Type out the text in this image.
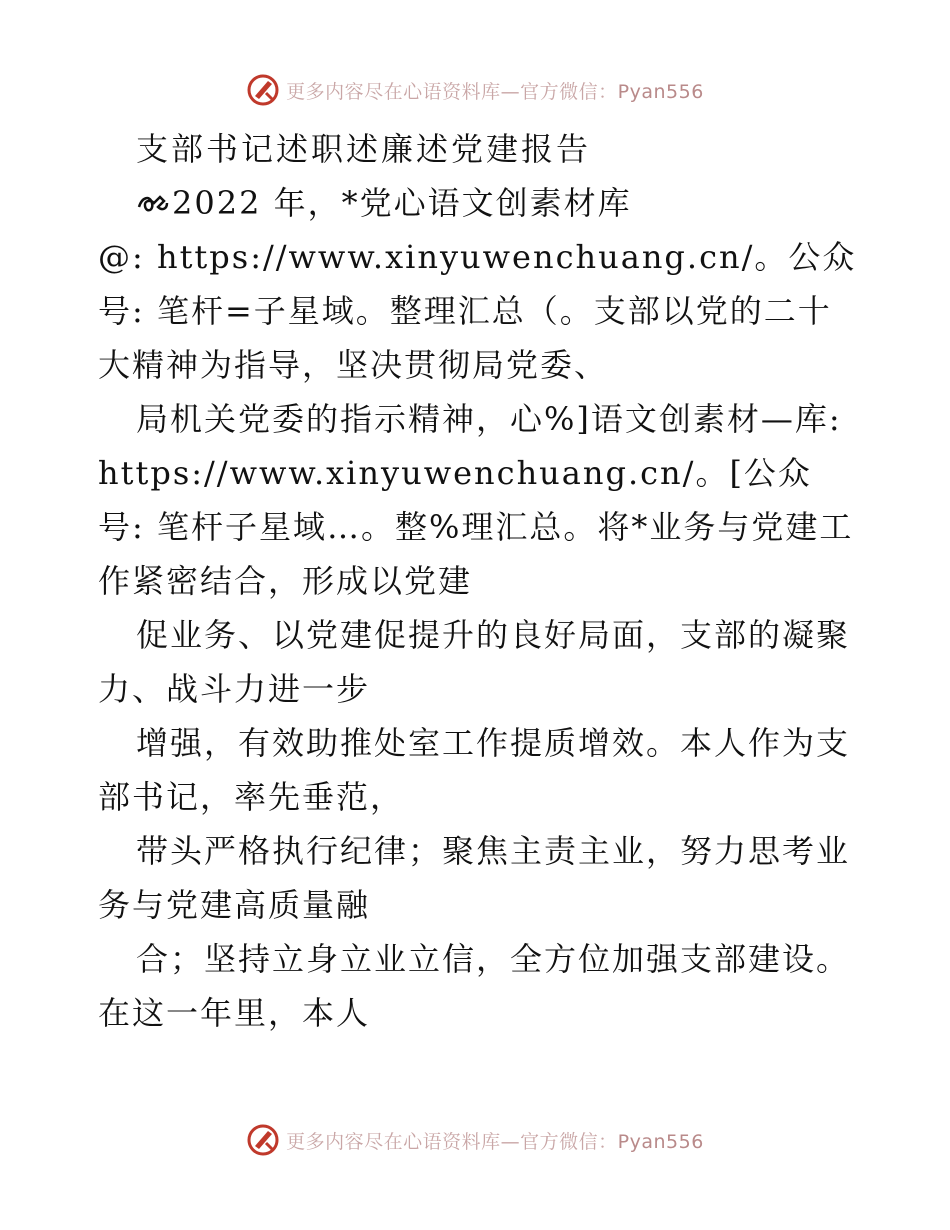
更多内容尽在心语资料库—官方微信：Pyan556

支部书记述职述廉述党建报告

2022 年，*党心语文创素材库

@: https://www.xinyuwenchuang.cn/。公众号: 笔杆=子星域。整理汇总（。支部以党的二十大精神为指导，坚决贯彻局党委、

局机关党委的指示精神，心%]语文创素材—库: https://www.xinyuwenchuang.cn/。[公众号: 笔杆子星域…。整%理汇总。将*业务与党建工作紧密结合，形成以党建

促业务、以党建促提升的良好局面，支部的凝聚力、战斗力进一步

增强，有效助推处室工作提质增效。本人作为支部书记，率先垂范，

带头严格执行纪律；聚焦主责主业，努力思考业务与党建高质量融

合；坚持立身立业立信，全方位加强支部建设。在这一年里，本人

更多内容尽在心语资料库—官方微信：Pyan556
